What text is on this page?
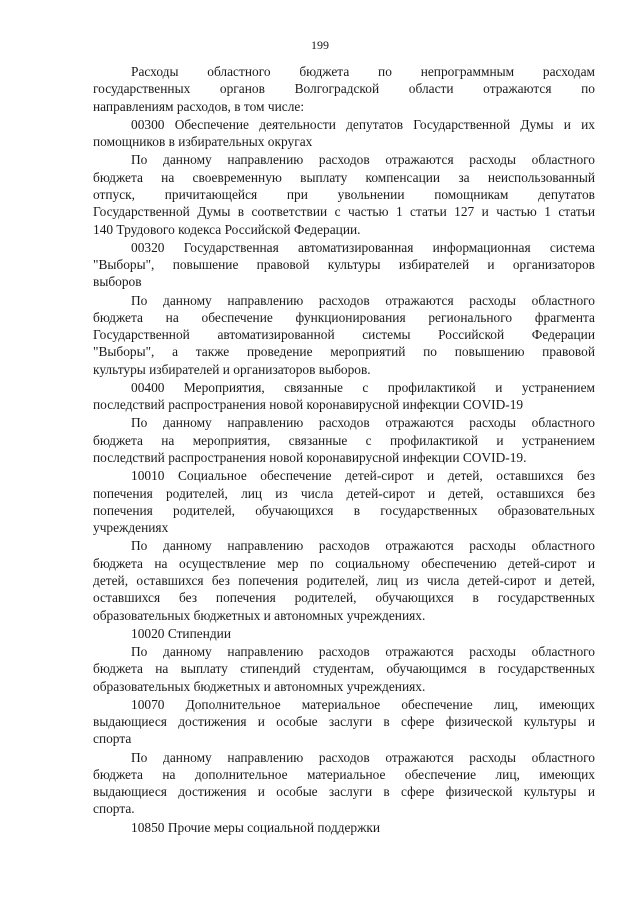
199
Расходы областного бюджета по непрограммным расходам
государственных органов Волгоградской области отражаются по
направлениям расходов, в том числе:
00300 Обеспечение деятельности депутатов Государственной Думы и их
помощников в избирательных округах
По данному направлению расходов отражаются расходы областного
бюджета на своевременную выплату компенсации за неиспользованный
отпуск, причитающейся при увольнении помощникам депутатов
Государственной Думы в соответствии с частью 1 статьи 127 и частью 1 статьи
140 Трудового кодекса Российской Федерации.
00320 Государственная автоматизированная информационная система
"Выборы", повышение правовой культуры избирателей и организаторов
выборов
По данному направлению расходов отражаются расходы областного
бюджета на обеспечение функционирования регионального фрагмента
Государственной автоматизированной системы Российской Федерации
"Выборы", а также проведение мероприятий по повышению правовой
культуры избирателей и организаторов выборов.
00400 Мероприятия, связанные с профилактикой и устранением
последствий распространения новой коронавирусной инфекции COVID-19
По данному направлению расходов отражаются расходы областного
бюджета на мероприятия, связанные с профилактикой и устранением
последствий распространения новой коронавирусной инфекции COVID-19.
10010 Социальное обеспечение детей-сирот и детей, оставшихся без
попечения родителей, лиц из числа детей-сирот и детей, оставшихся без
попечения родителей, обучающихся в государственных образовательных
учреждениях
По данному направлению расходов отражаются расходы областного
бюджета на осуществление мер по социальному обеспечению детей-сирот и
детей, оставшихся без попечения родителей, лиц из числа детей-сирот и детей,
оставшихся без попечения родителей, обучающихся в государственных
образовательных бюджетных и автономных учреждениях.
10020 Стипендии
По данному направлению расходов отражаются расходы областного
бюджета на выплату стипендий студентам, обучающимся в государственных
образовательных бюджетных и автономных учреждениях.
10070 Дополнительное материальное обеспечение лиц, имеющих
выдающиеся достижения и особые заслуги в сфере физической культуры и
спорта
По данному направлению расходов отражаются расходы областного
бюджета на дополнительное материальное обеспечение лиц, имеющих
выдающиеся достижения и особые заслуги в сфере физической культуры и
спорта.
10850 Прочие меры социальной поддержки
